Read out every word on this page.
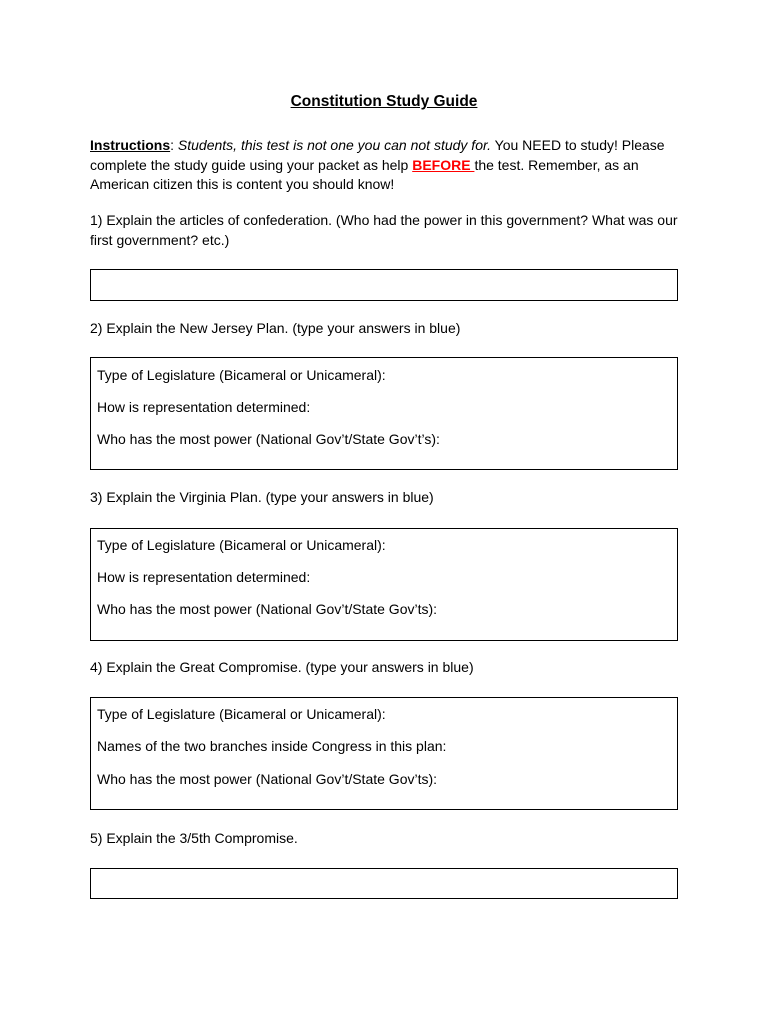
Constitution Study Guide
Instructions: Students, this test is not one you can not study for. You NEED to study! Please complete the study guide using your packet as help BEFORE the test. Remember, as an American citizen this is content you should know!
1) Explain the articles of confederation. (Who had the power in this government? What was our first government? etc.)
2) Explain the New Jersey Plan. (type your answers in blue)
Type of Legislature (Bicameral or Unicameral):
How is representation determined:
Who has the most power (National Gov’t/State Gov’t’s):
3) Explain the Virginia Plan. (type your answers in blue)
Type of Legislature (Bicameral or Unicameral):
How is representation determined:
Who has the most power (National Gov’t/State Gov’ts):
4) Explain the Great Compromise. (type your answers in blue)
Type of Legislature (Bicameral or Unicameral):
Names of the two branches inside Congress in this plan:
Who has the most power (National Gov’t/State Gov’ts):
5) Explain the 3/5th Compromise.
